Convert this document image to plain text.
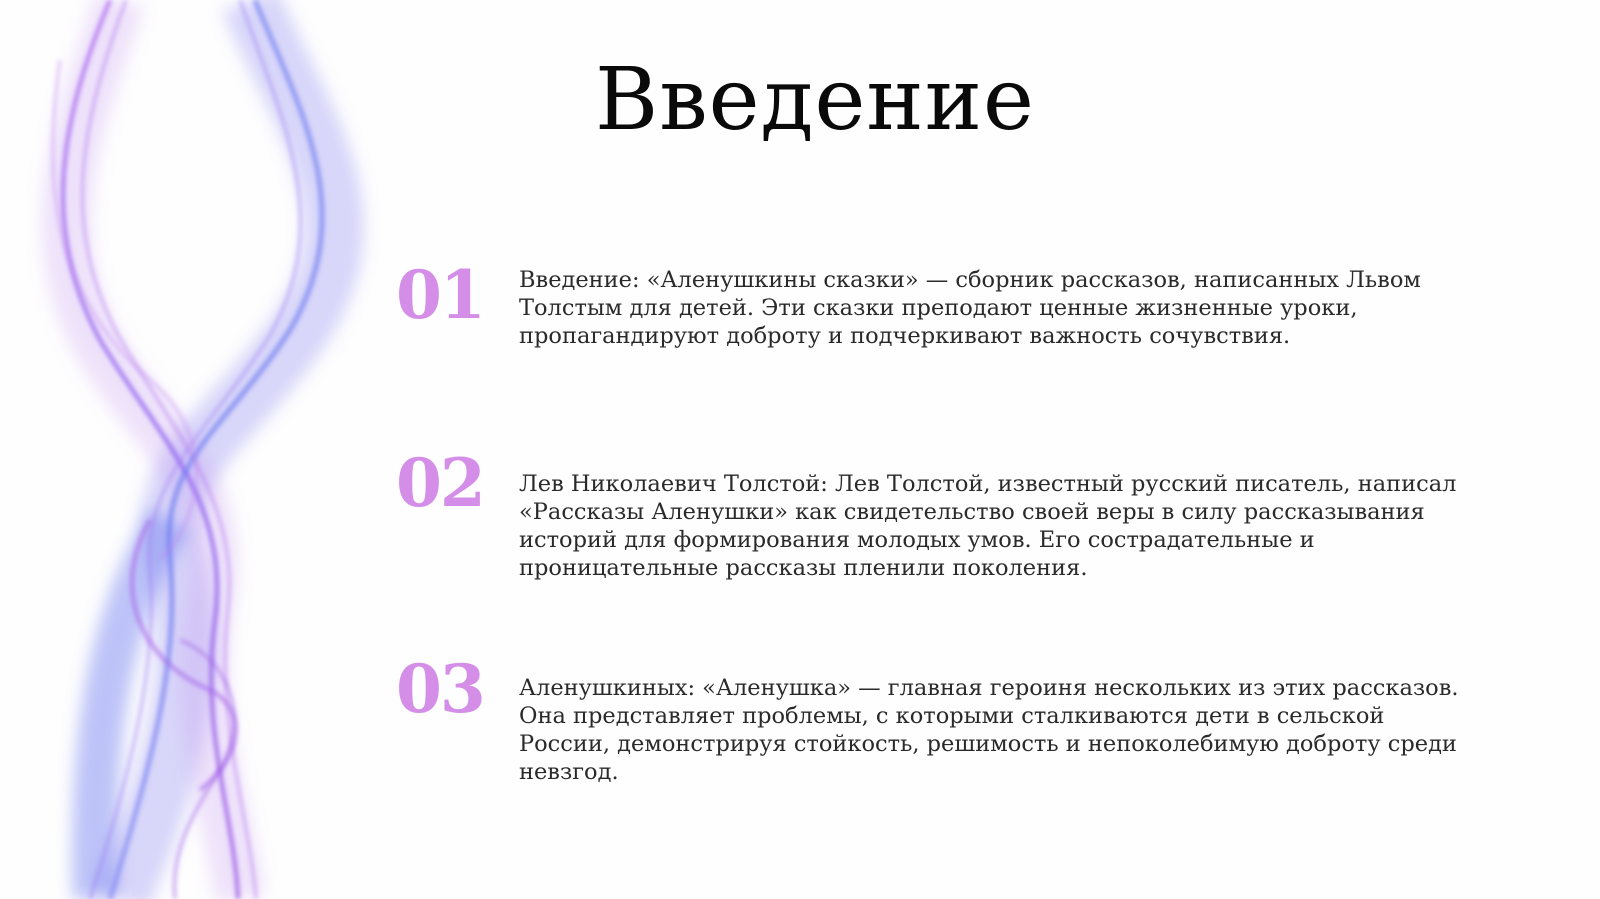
Введение
01 Введение: «Аленушкины сказки» — сборник рассказов, написанных Львом Толстым для детей. Эти сказки преподают ценные жизненные уроки, пропагандируют доброту и подчеркивают важность сочувствия.
02 Лев Николаевич Толстой: Лев Толстой, известный русский писатель, написал «Рассказы Аленушки» как свидетельство своей веры в силу рассказывания историй для формирования молодых умов. Его сострадательные и проницательные рассказы пленили поколения.
03 Аленушкиных: «Аленушка» — главная героиня нескольких из этих рассказов. Она представляет проблемы, с которыми сталкиваются дети в сельской России, демонстрируя стойкость, решимость и непоколебимую доброту среди невзгод.
